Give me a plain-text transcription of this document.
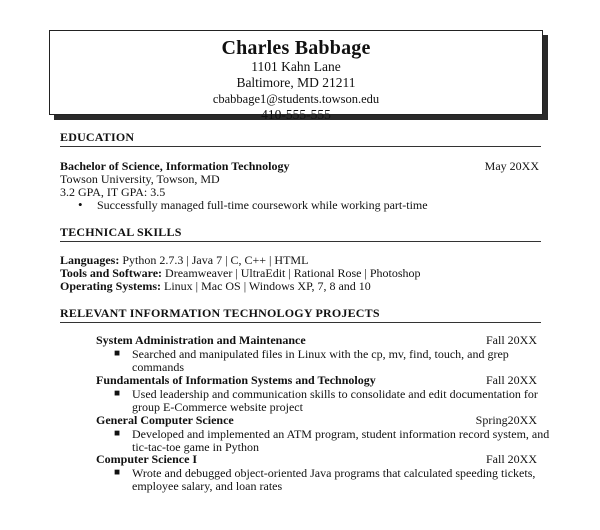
Charles Babbage
1101 Kahn Lane
Baltimore, MD 21211
cbabbage1@students.towson.edu
410-555-555
EDUCATION
Bachelor of Science, Information Technology	May 20XX
Towson University, Towson, MD
3.2 GPA, IT GPA: 3.5
• Successfully managed full-time coursework while working part-time
TECHNICAL SKILLS
Languages: Python 2.7.3 | Java 7 | C, C++ | HTML
Tools and Software: Dreamweaver | UltraEdit | Rational Rose | Photoshop
Operating Systems: Linux | Mac OS | Windows XP, 7, 8 and 10
RELEVANT INFORMATION TECHNOLOGY PROJECTS
System Administration and Maintenance	Fall 20XX
■ Searched and manipulated files in Linux with the cp, mv, find, touch, and grep
commands
Fundamentals of Information Systems and Technology	Fall 20XX
■ Used leadership and communication skills to consolidate and edit documentation for
group E-Commerce website project
General Computer Science	Spring20XX
■ Developed and implemented an ATM program, student information record system, and
tic-tac-toe game in Python
Computer Science I	Fall 20XX
■ Wrote and debugged object-oriented Java programs that calculated speeding tickets,
employee salary, and loan rates
